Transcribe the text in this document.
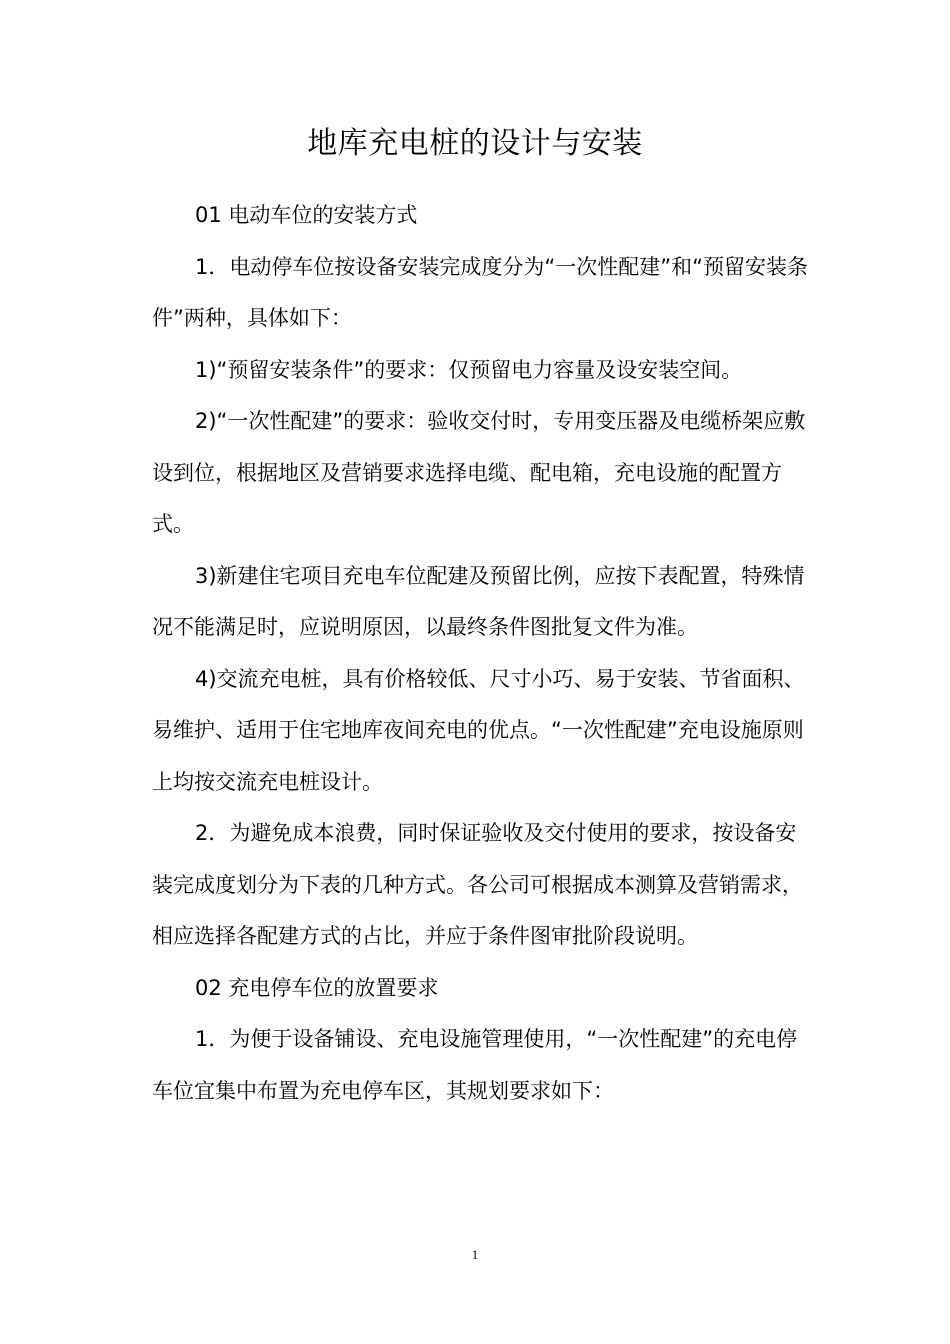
地库充电桩的设计与安装

01 电动车位的安装方式

1．电动停车位按设备安装完成度分为“一次性配建”和“预留安装条件”两种，具体如下：

1)“预留安装条件”的要求：仅预留电力容量及设安装空间。

2)“一次性配建”的要求：验收交付时，专用变压器及电缆桥架应敷设到位，根据地区及营销要求选择电缆、配电箱，充电设施的配置方式。

3)新建住宅项目充电车位配建及预留比例，应按下表配置，特殊情况不能满足时，应说明原因，以最终条件图批复文件为准。

4)交流充电桩，具有价格较低、尺寸小巧、易于安装、节省面积、易维护、适用于住宅地库夜间充电的优点。“一次性配建”充电设施原则上均按交流充电桩设计。

2．为避免成本浪费，同时保证验收及交付使用的要求，按设备安装完成度划分为下表的几种方式。各公司可根据成本测算及营销需求，相应选择各配建方式的占比，并应于条件图审批阶段说明。

02 充电停车位的放置要求

1．为便于设备铺设、充电设施管理使用，“一次性配建”的充电停车位宜集中布置为充电停车区，其规划要求如下：

1
